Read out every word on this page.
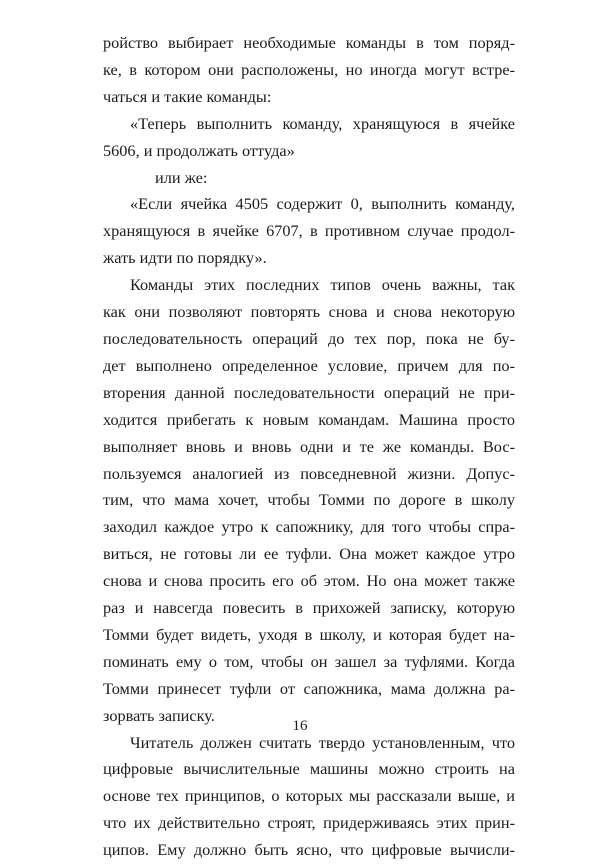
ройство выбирает необходимые команды в том поряд-
ке, в котором они расположены, но иногда могут встре-
чаться и такие команды:
«Теперь выполнить команду, хранящуюся в ячейке
5606, и продолжать оттуда»
или же:
«Если ячейка 4505 содержит 0, выполнить команду,
хранящуюся в ячейке 6707, в противном случае продол-
жать идти по порядку».
Команды этих последних типов очень важны, так
как они позволяют повторять снова и снова некоторую
последовательность операций до тех пор, пока не бу-
дет выполнено определенное условие, причем для по-
вторения данной последовательности операций не при-
ходится прибегать к новым командам. Машина просто
выполняет вновь и вновь одни и те же команды. Вос-
пользуемся аналогией из повседневной жизни. Допус-
тим, что мама хочет, чтобы Томми по дороге в школу
заходил каждое утро к сапожнику, для того чтобы спра-
виться, не готовы ли ее туфли. Она может каждое утро
снова и снова просить его об этом. Но она может также
раз и навсегда повесить в прихожей записку, которую
Томми будет видеть, уходя в школу, и которая будет на-
поминать ему о том, чтобы он зашел за туфлями. Когда
Томми принесет туфли от сапожника, мама должна ра-
зорвать записку.
Читатель должен считать твердо установленным, что
цифровые вычислительные машины можно строить на
основе тех принципов, о которых мы рассказали выше, и
что их действительно строят, придерживаясь этих прин-
ципов. Ему должно быть ясно, что цифровые вычисли-
16
